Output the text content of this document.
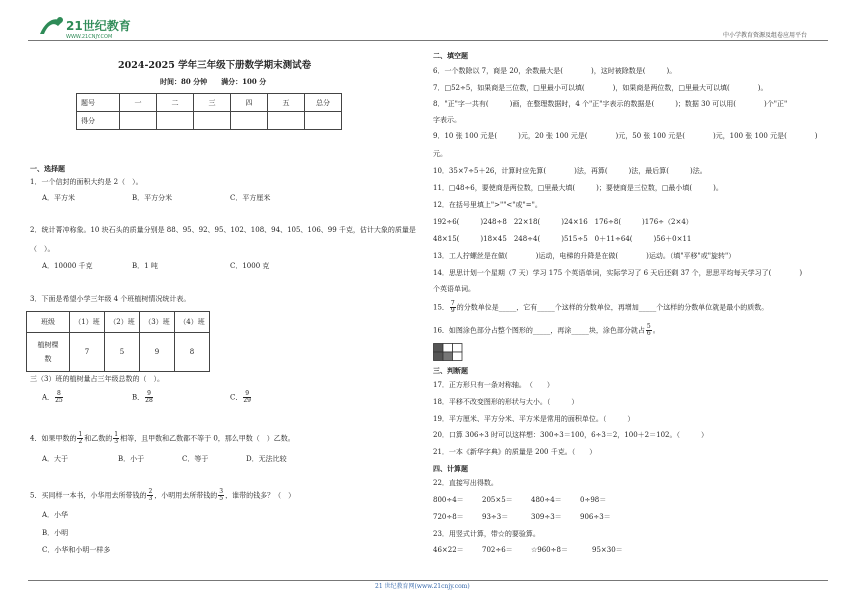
21世纪教育
WWW.21CNJY.COM	中小学教育资源及组卷应用平台
2024-2025 学年三年级下册数学期末测试卷
时间：80 分钟　　满分：100 分
题号	一	二	三	四	五	总分
得分						
一、选择题
1．一个信封的面积大约是 2（　）。
A．平方米	B．平方分米	C．平方厘米
2．统计菁冲称象。10 块石头的质量分别是 88、95、92、95、102、108、94、105、106、99 千克，估计大象的质量是
（　）。
A．10000 千克	B．1 吨	C．1000 克
3．下面是希望小学三年级 4 个班植树情况统计表。
班级	（1）班	（2）班	（3）班	（4）班
植树棵
数	7	5	9	8
三（3）班的植树量占三年级总数的（　）。
A． $\frac{8}{25}$	B． $\frac{9}{28}$	C． $\frac{9}{29}$
4．如果甲数的 $\frac{1}{2}$ 和乙数的 $\frac{1}{3}$ 相等，且甲数和乙数都不等于 0，那么甲数（　）乙数。
A．大于	B．小于	C．等于	D．无法比较
5．买同样一本书，小华用去所带钱的 $\frac{2}{3}$ ，小明用去所带钱的 $\frac{3}{5}$ ，谁带的钱多？（　）
A．小华
B．小明
C．小华和小明一样多
二、填空题
6．一个数除以 7，商是 20，余数最大是(　　　　)，这时被除数是(　　　)。
7．□52÷5，如果商是三位数，□里最小可以填(　　　　)，如果商是两位数，□里最大可以填(　　　　)。
8．"正"字一共有(　　　)画，在整理数据时，4 个"正"字表示的数据是(　　　)；数据 30 可以用(　　　　)个"正"
字表示。
9．10 张 100 元是(　　　)元，20 张 100 元是(　　　　)元，50 张 100 元是(　　　　)元，100 张 100 元是(　　　　)
元。
10．35×7÷5＋26，计算时应先算(　　　　)法，再算(　　　)法，最后算(　　　)法。
11．□48÷6，要使商是两位数，□里最大填(　　　)；要使商是三位数，□最小填(　　　)。
12．在括号里填上">""<"或"="。
192÷6(　　　)248÷8　22×18(　　　)24×16　176÷8(　　　)176÷（2×4）
48×15(　　　)18×45　248÷4(　　　)515÷5　0＋11÷64(　　　)56＋0×11
13．工人拧螺丝是在做(　　　　)运动，电梯的升降是在做(　　　　)运动。（填"平移"或"旋转"）
14．思思计划一个星期（7 天）学习 175 个英语单词，实际学习了 6 天后还剩 37 个，思思平均每天学习了(　　　　)
个英语单词。
15． $\frac{7}{9}$ 的分数单位是_____，它有_____个这样的分数单位，再增加_____个这样的分数单位就是最小的质数。
16．如图涂色部分占整个图形的_____，再涂_____块，涂色部分就占 $\frac{5}{6}$ 。
三、判断题
17．正方形只有一条对称轴。　（　　）
18．平移不改变图形的形状与大小。（　　　）
19．平方厘米、平方分米、平方米是常用的面积单位。（　　　）
20．口算 306÷3 时可以这样想：300÷3＝100，6÷3＝2，100＋2＝102。（　　　）
21．一本《新华字典》的质量是 200 千克。（　　）
四、计算题
22．直接写出得数。
800÷4＝	205×5＝	480÷4＝	0÷98＝
720÷8＝	93÷3＝	309÷3＝	906÷3＝
23．用竖式计算，带☆的要验算。
46×22＝	702÷6＝	☆960÷8＝	95×30＝
21 世纪教育网(www.21cnjy.com)
